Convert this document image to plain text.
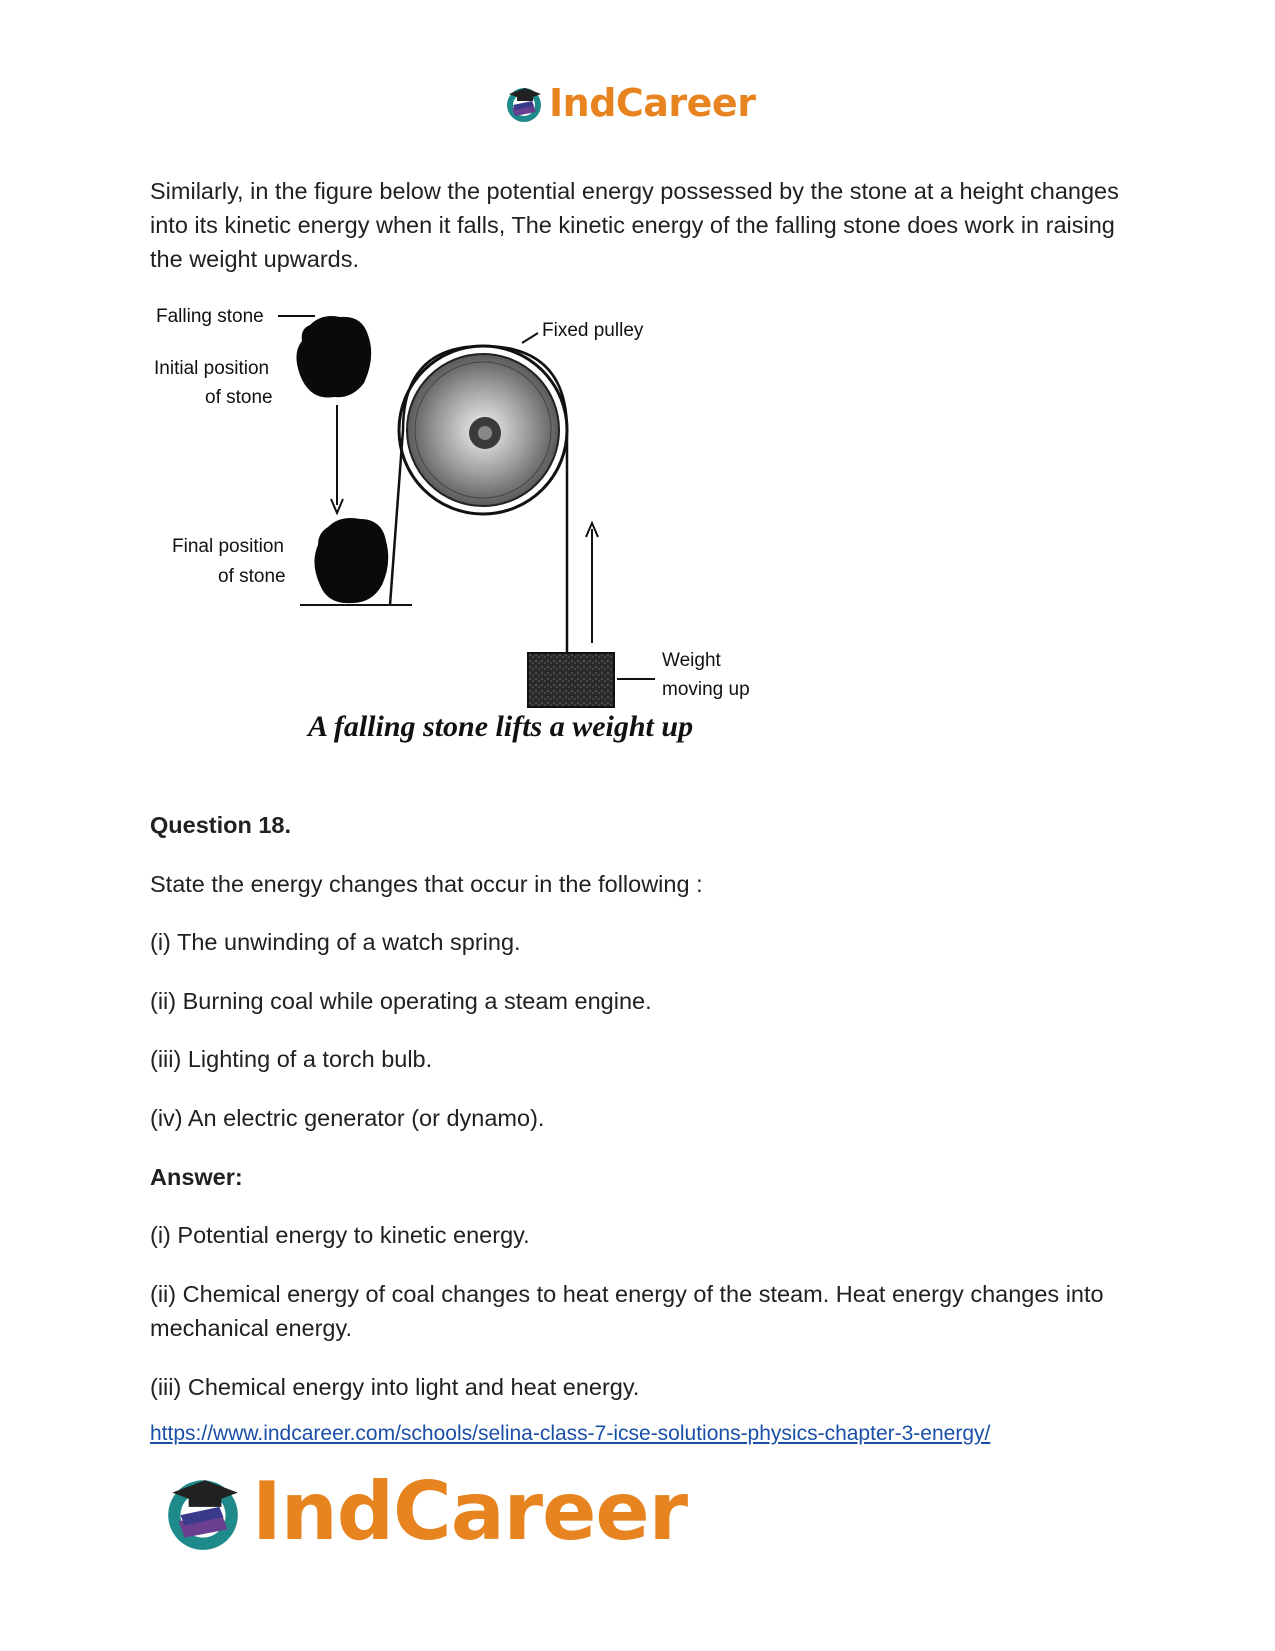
IndCareer

Similarly, in the figure below the potential energy possessed by the stone at a height changes into its kinetic energy when it falls, The kinetic energy of the falling stone does work in raising the weight upwards.

Falling stone
Initial position
of stone
Fixed pulley
Final position
of stone
Weight
moving up
A falling stone lifts a weight up

Question 18.

State the energy changes that occur in the following :

(i) The unwinding of a watch spring.

(ii) Burning coal while operating a steam engine.

(iii) Lighting of a torch bulb.

(iv) An electric generator (or dynamo).

Answer:

(i) Potential energy to kinetic energy.

(ii) Chemical energy of coal changes to heat energy of the steam. Heat energy changes into mechanical energy.

(iii) Chemical energy into light and heat energy.

https://www.indcareer.com/schools/selina-class-7-icse-solutions-physics-chapter-3-energy/
IndCareer
